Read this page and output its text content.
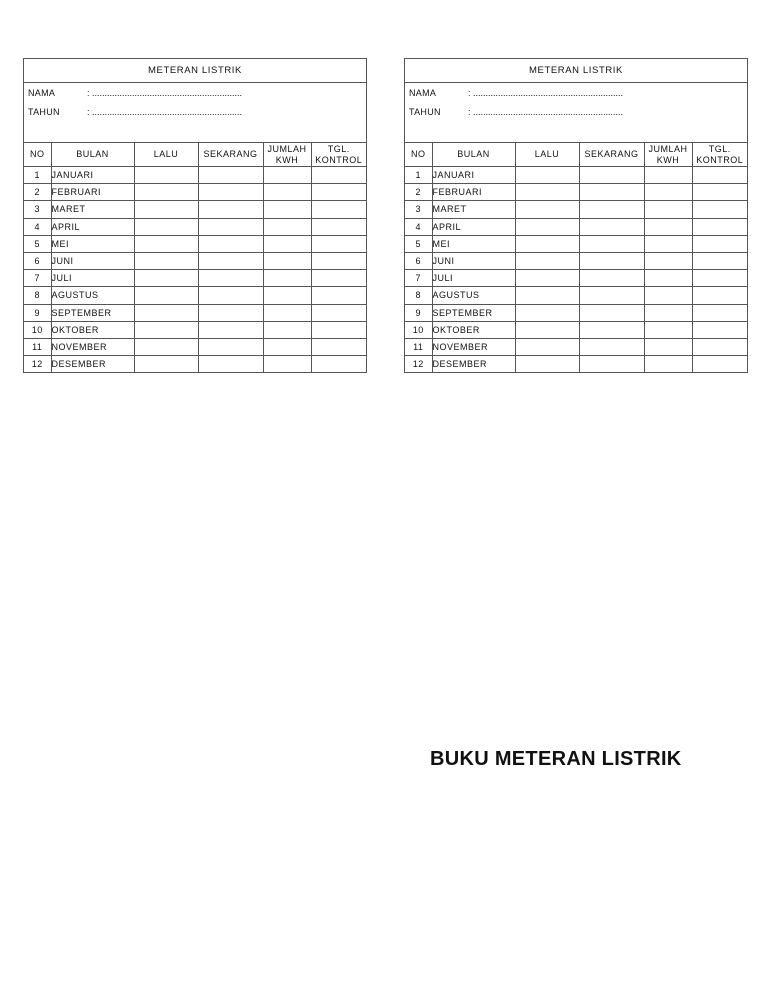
METERAN LISTRIK
NAMA	: ............................................................
TAHUN	: ............................................................
NO	BULAN	LALU	SEKARANG	JUMLAH KWH	TGL. KONTROL
1	JANUARI				
2	FEBRUARI				
3	MARET				
4	APRIL				
5	MEI				
6	JUNI				
7	JULI				
8	AGUSTUS				
9	SEPTEMBER				
10	OKTOBER				
11	NOVEMBER				
12	DESEMBER				
METERAN LISTRIK
NAMA	: ............................................................
TAHUN	: ............................................................
NO	BULAN	LALU	SEKARANG	JUMLAH KWH	TGL. KONTROL
1	JANUARI				
2	FEBRUARI				
3	MARET				
4	APRIL				
5	MEI				
6	JUNI				
7	JULI				
8	AGUSTUS				
9	SEPTEMBER				
10	OKTOBER				
11	NOVEMBER				
12	DESEMBER				
BUKU METERAN LISTRIK
